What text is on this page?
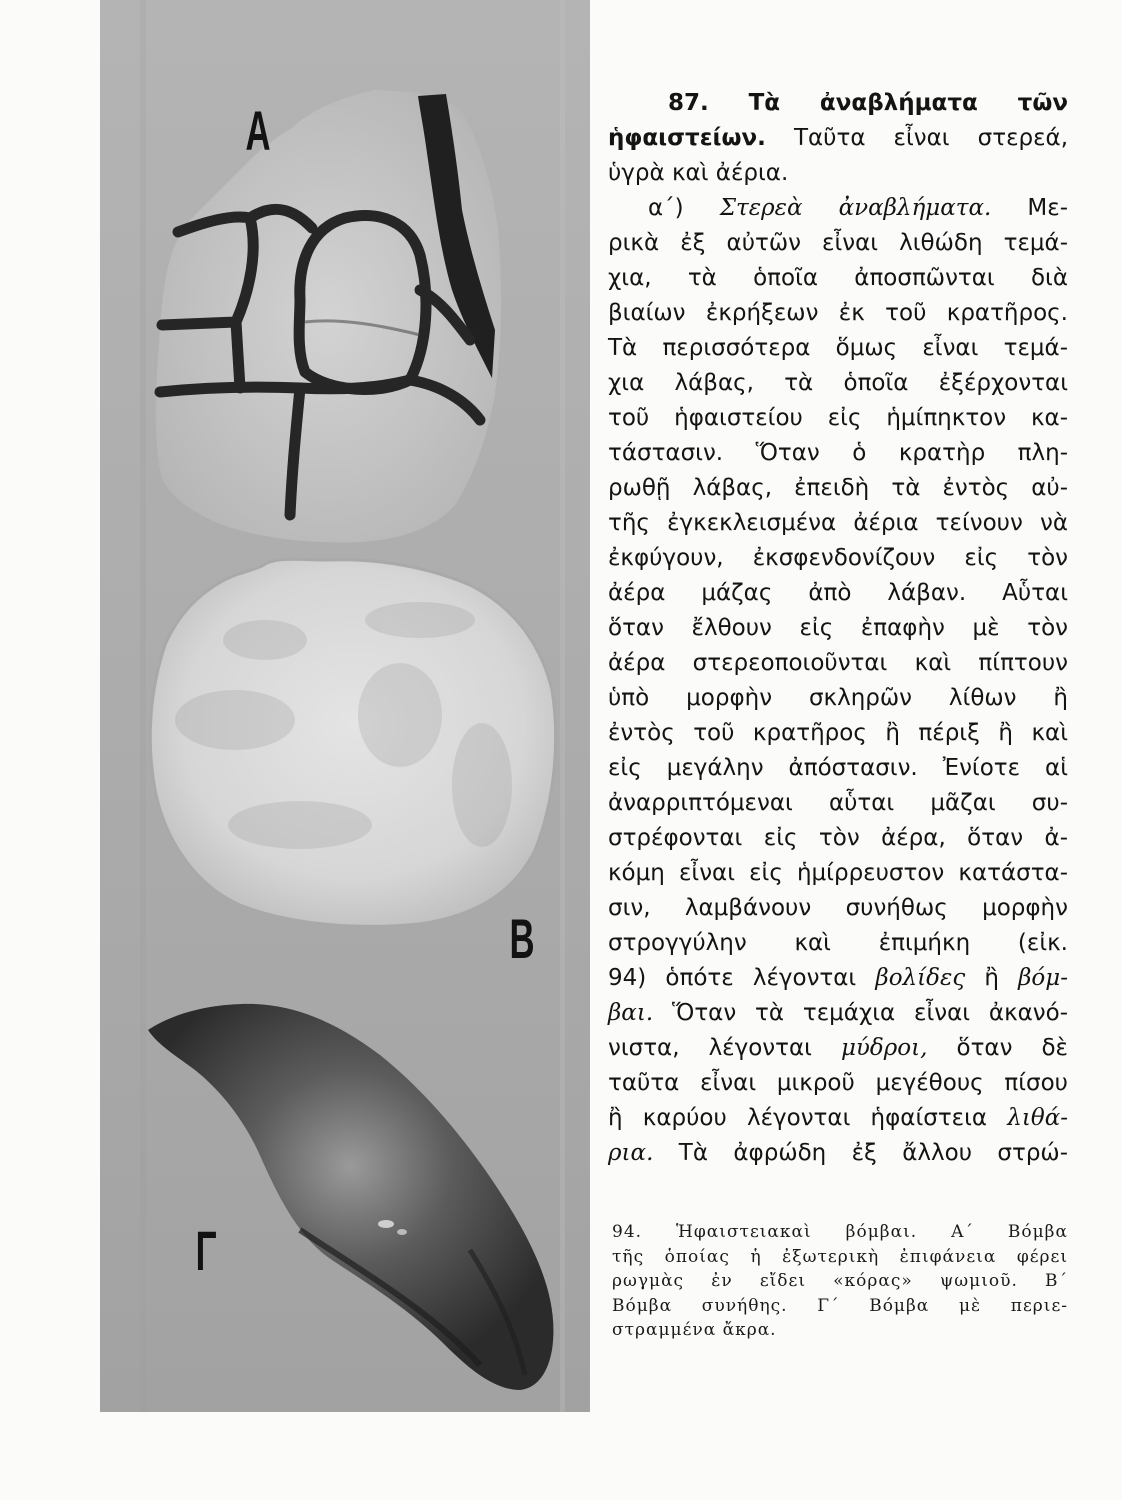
Α
Β
Γ
87. Τὰ ἀναβλήματα τῶν
ἡφαιστείων. Ταῦτα εἶναι στερεά,
ὑγρὰ καὶ ἀέρια.
α΄) Στερεὰ ἀναβλήματα. Με-
ρικὰ ἐξ αὐτῶν εἶναι λιθώδη τεμά-
χια, τὰ ὁποῖα ἀποσπῶνται διὰ
βιαίων ἐκρήξεων ἐκ τοῦ κρατῆρος.
Τὰ περισσότερα ὅμως εἶναι τεμά-
χια λάβας, τὰ ὁποῖα ἐξέρχονται
τοῦ ἡφαιστείου εἰς ἡμίπηκτον κα-
τάστασιν. Ὅταν ὁ κρατὴρ πλη-
ρωθῇ λάβας, ἐπειδὴ τὰ ἐντὸς αὐ-
τῆς ἐγκεκλεισμένα ἀέρια τείνουν νὰ
ἐκφύγουν, ἐκσφενδονίζουν εἰς τὸν
ἀέρα μάζας ἀπὸ λάβαν. Αὗται
ὅταν ἔλθουν εἰς ἐπαφὴν μὲ τὸν
ἀέρα στερεοποιοῦνται καὶ πίπτουν
ὑπὸ μορφὴν σκληρῶν λίθων ἢ
ἐντὸς τοῦ κρατῆρος ἢ πέριξ ἢ καὶ
εἰς μεγάλην ἀπόστασιν. Ἐνίοτε αἱ
ἀναρριπτόμεναι αὗται μᾶζαι συ-
στρέφονται εἰς τὸν ἀέρα, ὅταν ἀ-
κόμη εἶναι εἰς ἡμίρρευστον κατάστα-
σιν, λαμβάνουν συνήθως μορφὴν
στρογγύλην καὶ ἐπιμήκη (εἰκ.
94) ὁπότε λέγονται βολίδες ἢ βόμ-
βαι. Ὅταν τὰ τεμάχια εἶναι ἀκανό-
νιστα, λέγονται μύδροι, ὅταν δὲ
ταῦτα εἶναι μικροῦ μεγέθους πίσου
ἢ καρύου λέγονται ἡφαίστεια λιθά-
ρια. Τὰ ἀφρώδη ἐξ ἄλλου στρώ-
94. Ἡφαιστειακαὶ βόμβαι. Α΄ Βόμβα
τῆς ὁποίας ἡ ἐξωτερικὴ ἐπιφάνεια φέρει
ρωγμὰς ἐν εἴδει «κόρας» ψωμιοῦ. Β΄
Βόμβα συνήθης. Γ΄ Βόμβα μὲ περιε-
στραμμένα ἄκρα.
